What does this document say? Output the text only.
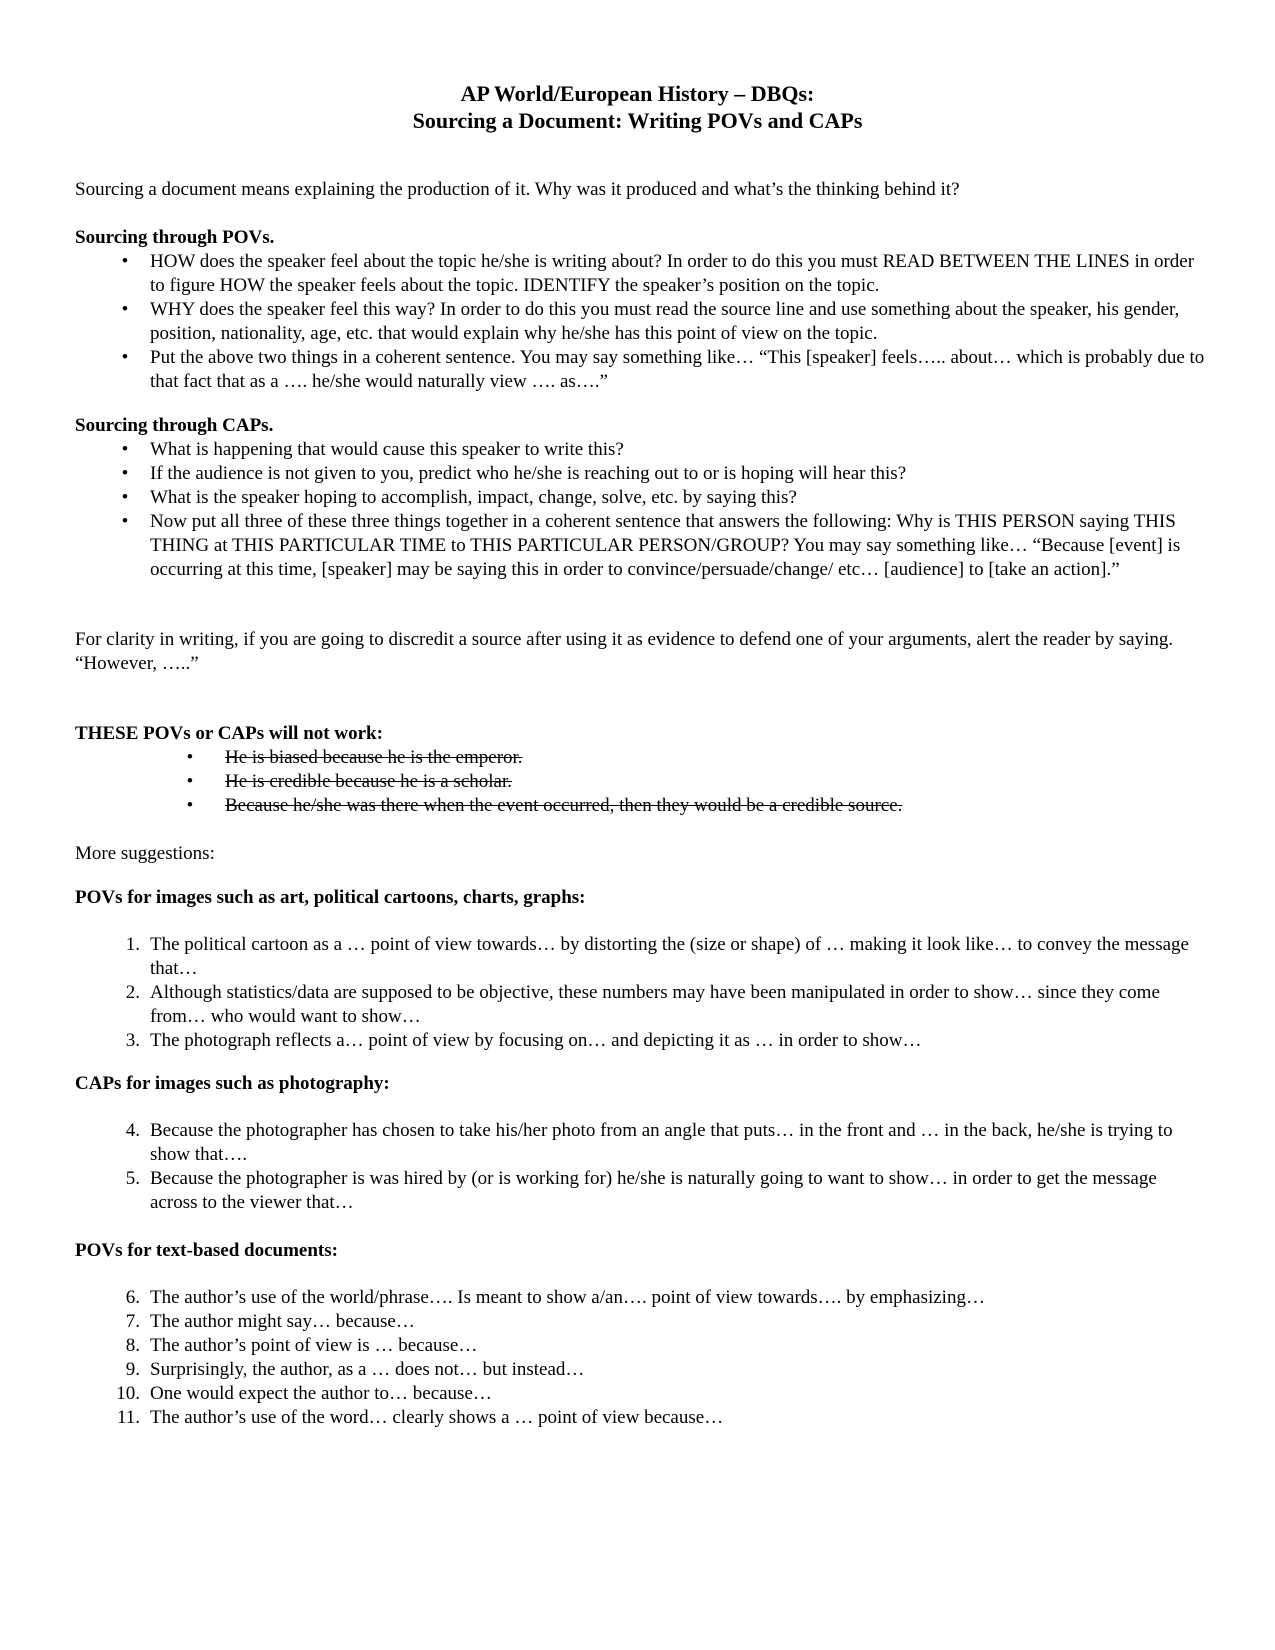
AP World/European History – DBQs:
Sourcing a Document: Writing POVs and CAPs

Sourcing a document means explaining the production of it. Why was it produced and what’s the thinking behind it?

Sourcing through POVs.

•	HOW does the speaker feel about the topic he/she is writing about? In order to do this you must READ BETWEEN THE LINES in order to figure HOW the speaker feels about the topic. IDENTIFY the speaker’s position on the topic.
•	WHY does the speaker feel this way? In order to do this you must read the source line and use something about the speaker, his gender, position, nationality, age, etc. that would explain why he/she has this point of view on the topic.
•	Put the above two things in a coherent sentence. You may say something like… “This [speaker] feels….. about… which is probably due to that fact that as a …. he/she would naturally view …. as….”

Sourcing through CAPs.

•	What is happening that would cause this speaker to write this?
•	If the audience is not given to you, predict who he/she is reaching out to or is hoping will hear this?
•	What is the speaker hoping to accomplish, impact, change, solve, etc. by saying this?
•	Now put all three of these three things together in a coherent sentence that answers the following: Why is THIS PERSON saying THIS THING at THIS PARTICULAR TIME to THIS PARTICULAR PERSON/GROUP? You may say something like… “Because [event] is occurring at this time, [speaker] may be saying this in order to convince/persuade/change/ etc… [audience] to [take an action].”

For clarity in writing, if you are going to discredit a source after using it as evidence to defend one of your arguments, alert the reader by saying. “However, …..”

THESE POVs or CAPs will not work:

•	He is biased because he is the emperor.
•	He is credible because he is a scholar.
•	Because he/she was there when the event occurred, then they would be a credible source.

More suggestions:

POVs for images such as art, political cartoons, charts, graphs:

1. The political cartoon as a … point of view towards… by distorting the (size or shape) of … making it look like… to convey the message that…
2. Although statistics/data are supposed to be objective, these numbers may have been manipulated in order to show… since they come from… who would want to show…
3. The photograph reflects a… point of view by focusing on… and depicting it as … in order to show…

CAPs for images such as photography:

4. Because the photographer has chosen to take his/her photo from an angle that puts… in the front and … in the back, he/she is trying to show that….
5. Because the photographer is was hired by (or is working for) he/she is naturally going to want to show… in order to get the message across to the viewer that…

POVs for text-based documents:

6. The author’s use of the world/phrase…. Is meant to show a/an…. point of view towards…. by emphasizing…
7. The author might say… because…
8. The author’s point of view is … because…
9. Surprisingly, the author, as a … does not… but instead…
10. One would expect the author to… because…
11. The author’s use of the word… clearly shows a … point of view because…
